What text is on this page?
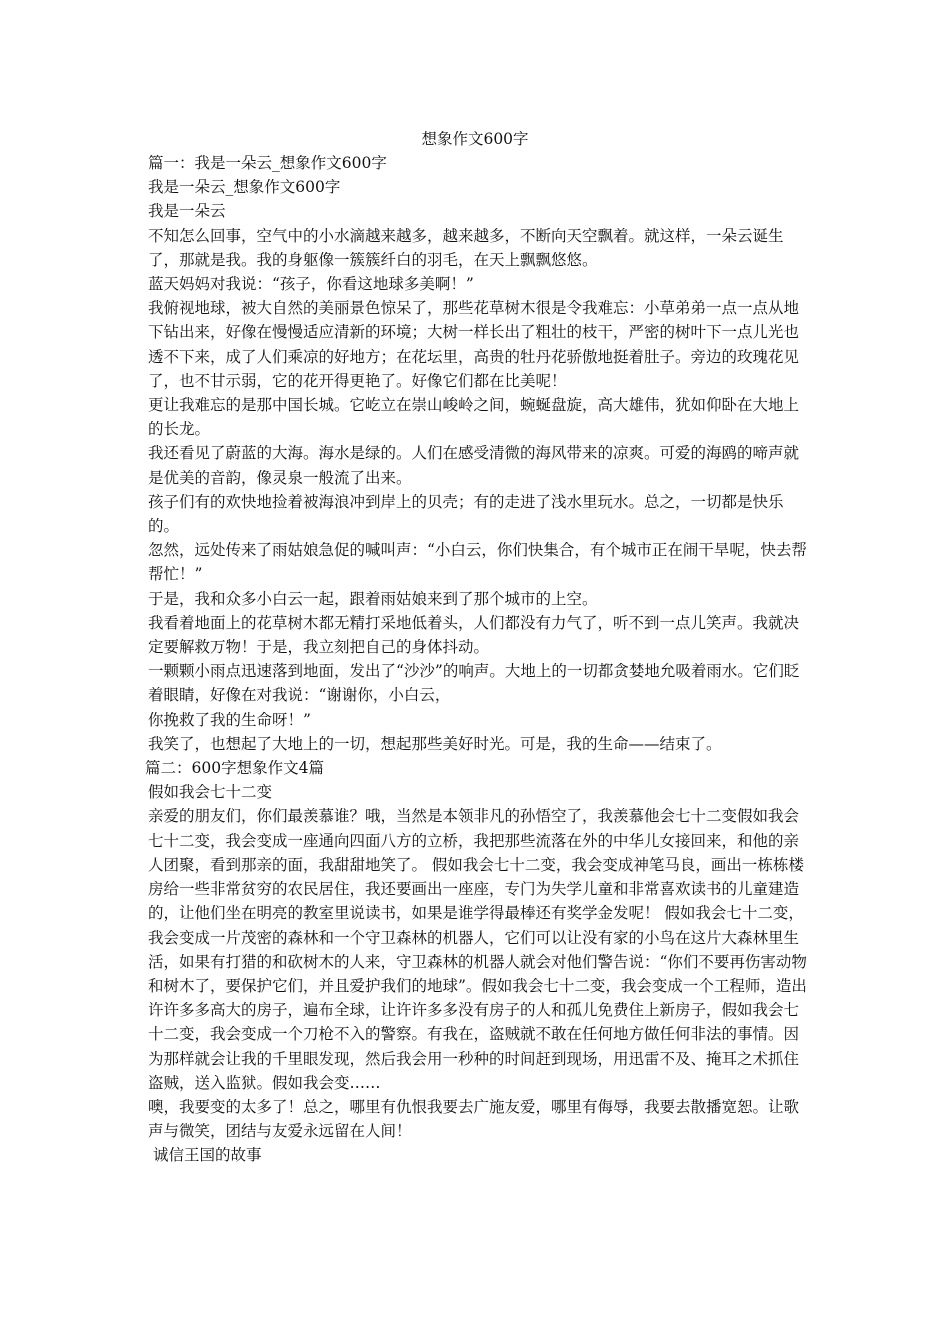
想象作文600字

篇一：我是一朵云_想象作文600字

我是一朵云_想象作文600字

我是一朵云

不知怎么回事，空气中的小水滴越来越多，越来越多，不断向天空飘着。就这样，一朵云诞生了，那就是我。我的身躯像一簇簇纤白的羽毛，在天上飘飘悠悠。

蓝天妈妈对我说：“孩子，你看这地球多美啊！”

我俯视地球，被大自然的美丽景色惊呆了，那些花草树木很是令我难忘：小草弟弟一点一点从地下钻出来，好像在慢慢适应清新的环境；大树一样长出了粗壮的枝干，严密的树叶下一点儿光也透不下来，成了人们乘凉的好地方；在花坛里，高贵的牡丹花骄傲地挺着肚子。旁边的玫瑰花见了，也不甘示弱，它的花开得更艳了。好像它们都在比美呢！

更让我难忘的是那中国长城。它屹立在崇山峻岭之间，蜿蜒盘旋，高大雄伟，犹如仰卧在大地上的长龙。

我还看见了蔚蓝的大海。海水是绿的。人们在感受清微的海风带来的凉爽。可爱的海鸥的啼声就是优美的音韵，像灵泉一般流了出来。

孩子们有的欢快地捡着被海浪冲到岸上的贝壳；有的走进了浅水里玩水。总之，一切都是快乐的。

忽然，远处传来了雨姑娘急促的喊叫声：“小白云，你们快集合，有个城市正在闹干旱呢，快去帮帮忙！”

于是，我和众多小白云一起，跟着雨姑娘来到了那个城市的上空。

我看着地面上的花草树木都无精打采地低着头，人们都没有力气了，听不到一点儿笑声。我就决定要解救万物！于是，我立刻把自己的身体抖动。

一颗颗小雨点迅速落到地面，发出了“沙沙”的响声。大地上的一切都贪婪地允吸着雨水。它们眨着眼睛，好像在对我说：“谢谢你，小白云，

你挽救了我的生命呀！”

我笑了，也想起了大地上的一切，想起那些美好时光。可是，我的生命——结束了。

篇二：600字想象作文4篇

假如我会七十二变

亲爱的朋友们，你们最羡慕谁？哦，当然是本领非凡的孙悟空了，我羡慕他会七十二变假如我会七十二变，我会变成一座通向四面八方的立桥，我把那些流落在外的中华儿女接回来，和他的亲人团聚，看到那亲的面，我甜甜地笑了。 假如我会七十二变，我会变成神笔马良，画出一栋栋楼房给一些非常贫穷的农民居住，我还要画出一座座，专门为失学儿童和非常喜欢读书的儿童建造的，让他们坐在明亮的教室里说读书，如果是谁学得最棒还有奖学金发呢！ 假如我会七十二变，我会变成一片茂密的森林和一个守卫森林的机器人，它们可以让没有家的小鸟在这片大森林里生活，如果有打猎的和砍树木的人来，守卫森林的机器人就会对他们警告说：“你们不要再伤害动物和树木了，要保护它们，并且爱护我们的地球”。假如我会七十二变，我会变成一个工程师，造出许许多多高大的房子，遍布全球，让许许多多没有房子的人和孤儿免费住上新房子，假如我会七十二变，我会变成一个刀枪不入的警察。有我在，盗贼就不敢在任何地方做任何非法的事情。因为那样就会让我的千里眼发现，然后我会用一秒种的时间赶到现场，用迅雷不及、掩耳之术抓住盗贼，送入监狱。假如我会变……

噢，我要变的太多了！总之，哪里有仇恨我要去广施友爱，哪里有侮辱，我要去散播宽恕。让歌声与微笑，团结与友爱永远留在人间！

诚信王国的故事
